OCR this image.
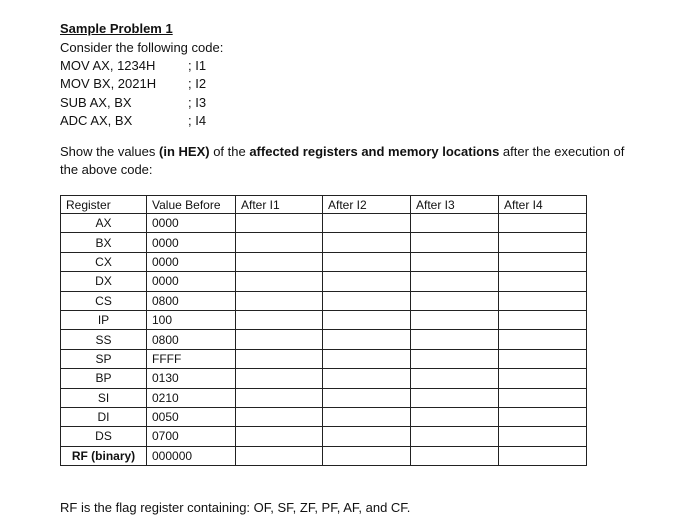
Sample Problem 1
Consider the following code:
MOV AX, 1234H	; I1
MOV BX, 2021H ; I2
SUB AX, BX	; I3
ADC AX, BX	; I4
Show the values (in HEX) of the affected registers and memory locations after the execution of the above code:
Register	Value Before	After I1	After I2	After I3	After I4
AX	0000				
BX	0000				
CX	0000				
DX	0000				
CS	0800				
IP	100				
SS	0800				
SP	FFFF				
BP	0130				
SI	0210				
DI	0050				
DS	0700				
RF (binary)	000000				
RF is the flag register containing: OF, SF, ZF, PF, AF, and CF.
